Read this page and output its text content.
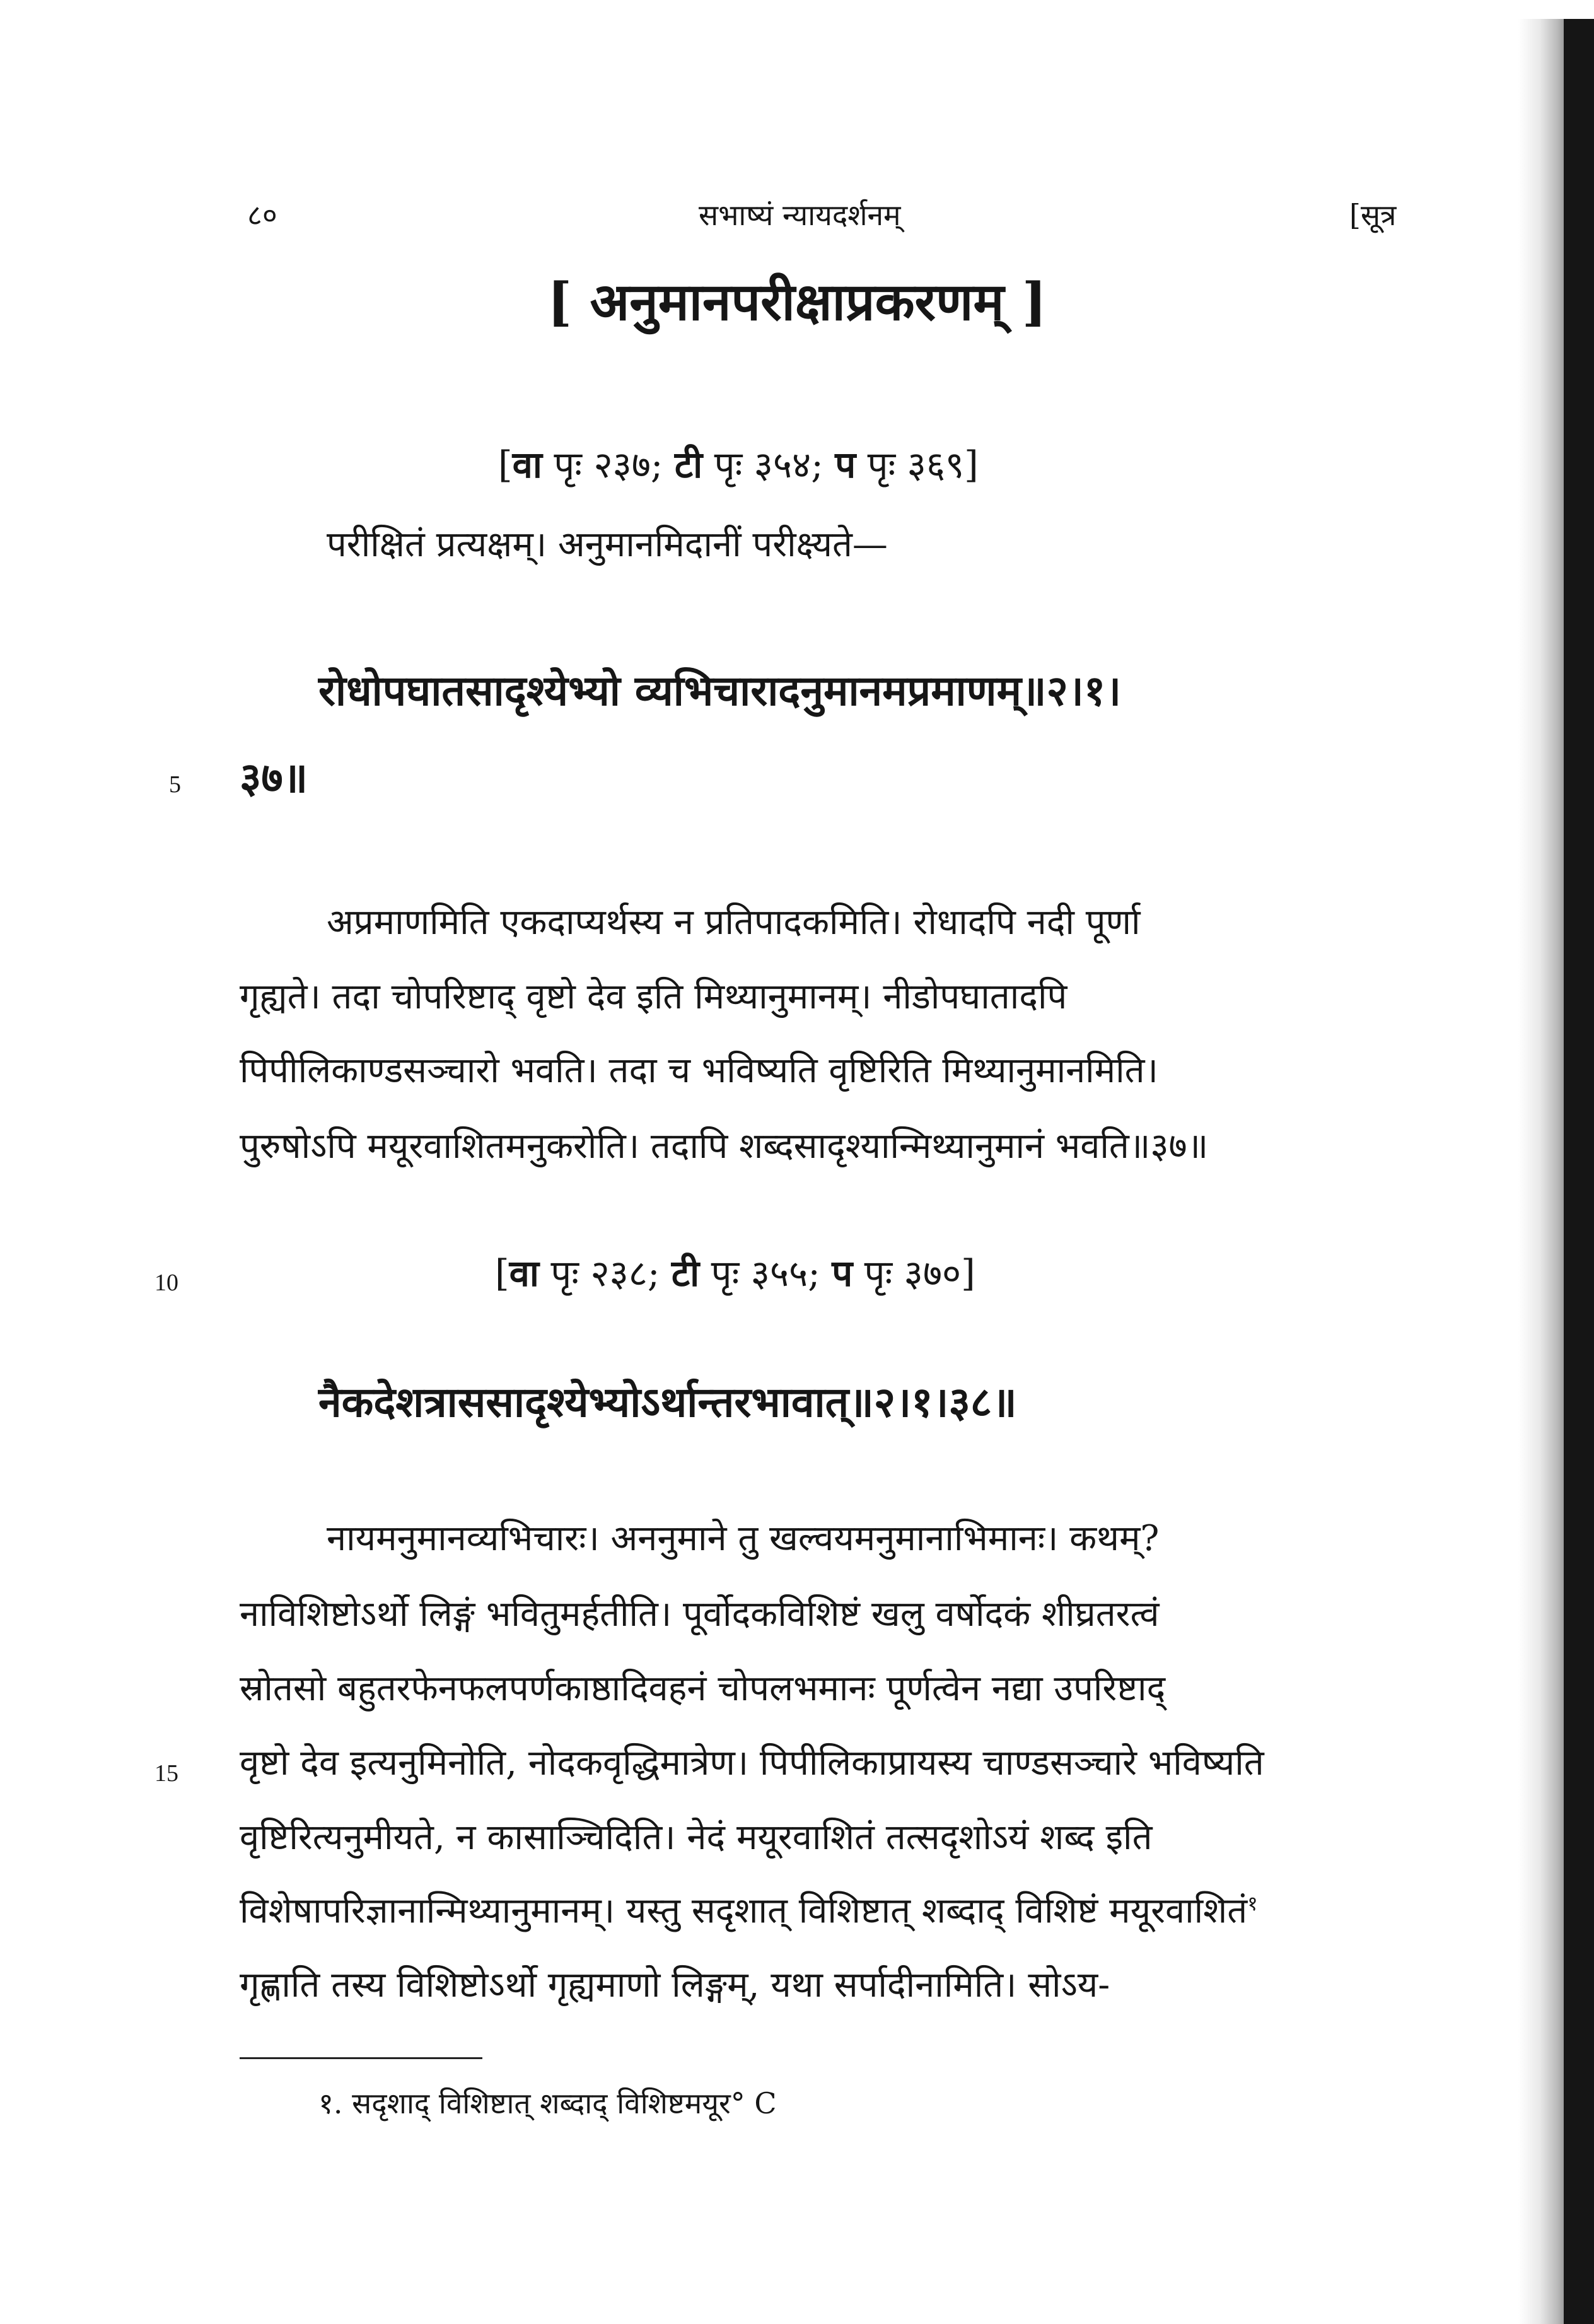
८०	सभाष्यं न्यायदर्शनम्	[सूत्र
[ अनुमानपरीक्षाप्रकरणम् ]
[वा पृः २३७; टी पृः ३५४; प पृः ३६९]
परीक्षितं प्रत्यक्षम्। अनुमानमिदानीं परीक्ष्यते—
रोधोपघातसादृश्येभ्यो व्यभिचारादनुमानमप्रमाणम्॥२।१।
5 ३७॥
अप्रमाणमिति एकदाप्यर्थस्य न प्रतिपादकमिति। रोधादपि नदी पूर्णा
गृह्यते। तदा चोपरिष्टाद् वृष्टो देव इति मिथ्यानुमानम्। नीडोपघातादपि
पिपीलिकाण्डसञ्चारो भवति। तदा च भविष्यति वृष्टिरिति मिथ्यानुमानमिति।
पुरुषोऽपि मयूरवाशितमनुकरोति। तदापि शब्दसादृश्यान्मिथ्यानुमानं भवति॥३७॥
10	[वा पृः २३८; टी पृः ३५५; प पृः ३७०]
नैकदेशत्राससादृश्येभ्योऽर्थान्तरभावात्॥२।१।३८॥
नायमनुमानव्यभिचारः। अननुमाने तु खल्वयमनुमानाभिमानः। कथम्?
नाविशिष्टोऽर्थो लिङ्गं भवितुमर्हतीति। पूर्वोदकविशिष्टं खलु वर्षोदकं शीघ्रतरत्वं
स्रोतसो बहुतरफेनफलपर्णकाष्ठादिवहनं चोपलभमानः पूर्णत्वेन नद्या उपरिष्टाद्
15 वृष्टो देव इत्यनुमिनोति, नोदकवृद्धिमात्रेण। पिपीलिकाप्रायस्य चाण्डसञ्चारे भविष्यति
वृष्टिरित्यनुमीयते, न कासाञ्चिदिति। नेदं मयूरवाशितं तत्सदृशोऽयं शब्द इति
विशेषापरिज्ञानान्मिथ्यानुमानम्। यस्तु सदृशात् विशिष्टात् शब्दाद् विशिष्टं मयूरवाशितं$^१$
गृह्णाति तस्य विशिष्टोऽर्थो गृह्यमाणो लिङ्गम्, यथा सर्पादीनामिति। सोऽय-
१. सदृशाद् विशिष्टात् शब्दाद् विशिष्टमयूर° C
